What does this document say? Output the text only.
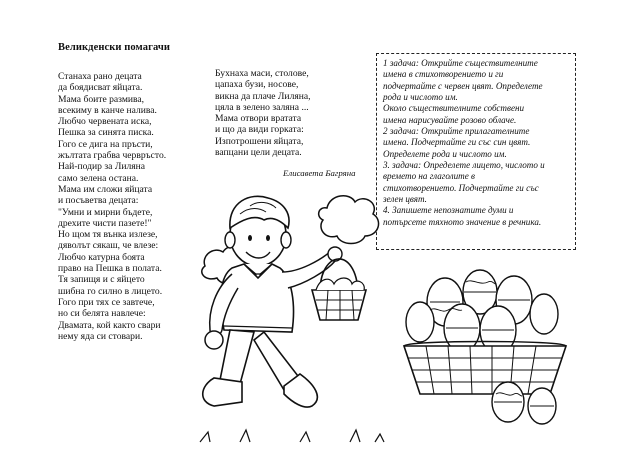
Великденски помагачи
Станаха рано децата
да боядисват яйцата.
Мама боите размива,
всекиму в канче налива.
Любчо червената иска,
Пешка за синята писка.
Гого се дига на пръсти,
жълтата грабва червръсто.
Най-подир за Лиляна
само зелена остана.
Мама им сложи яйцата
и посъветва децата:
"Умни и мирни бъдете,
дрехите чисти пазете!"
Но щом тя вънка излезе,
дяволът сякаш, че влезе:
Любчо катурна боята
право на Пешка в полата.
Тя запищя и с яйцето
шибна го силно в лицето.
Гого при тях се завтече,
но си белята навлече:
Двамата, кой както свари
нему яда си стовари.
Бухнаха маси, столове,
цапаха бузи, носове,
викна да плаче Лиляна,
цяла в зелено заляна ...
Мама отвори вратата
и що да види горката:
Изпотрошени яйцата,
вапцани цели децата.
Елисавета Багряна
1 задача: Открийте съществителните
имена в стихотворението и ги
подчертайте с червен цвят. Определете
рода и числото им.
Около съществителните собствени
имена нарисувайте розово облаче.
2 задача: Открийте прилагателните
имена. Подчертайте ги със син цвят.
Определете рода и числото им.
3. задача: Определете лицето, числото и
времето на глаголите в
стихотворението. Подчертайте ги със
зелен цвят.
4. Запишете непознатите думи и
потърсете тяхното значение в речника.
